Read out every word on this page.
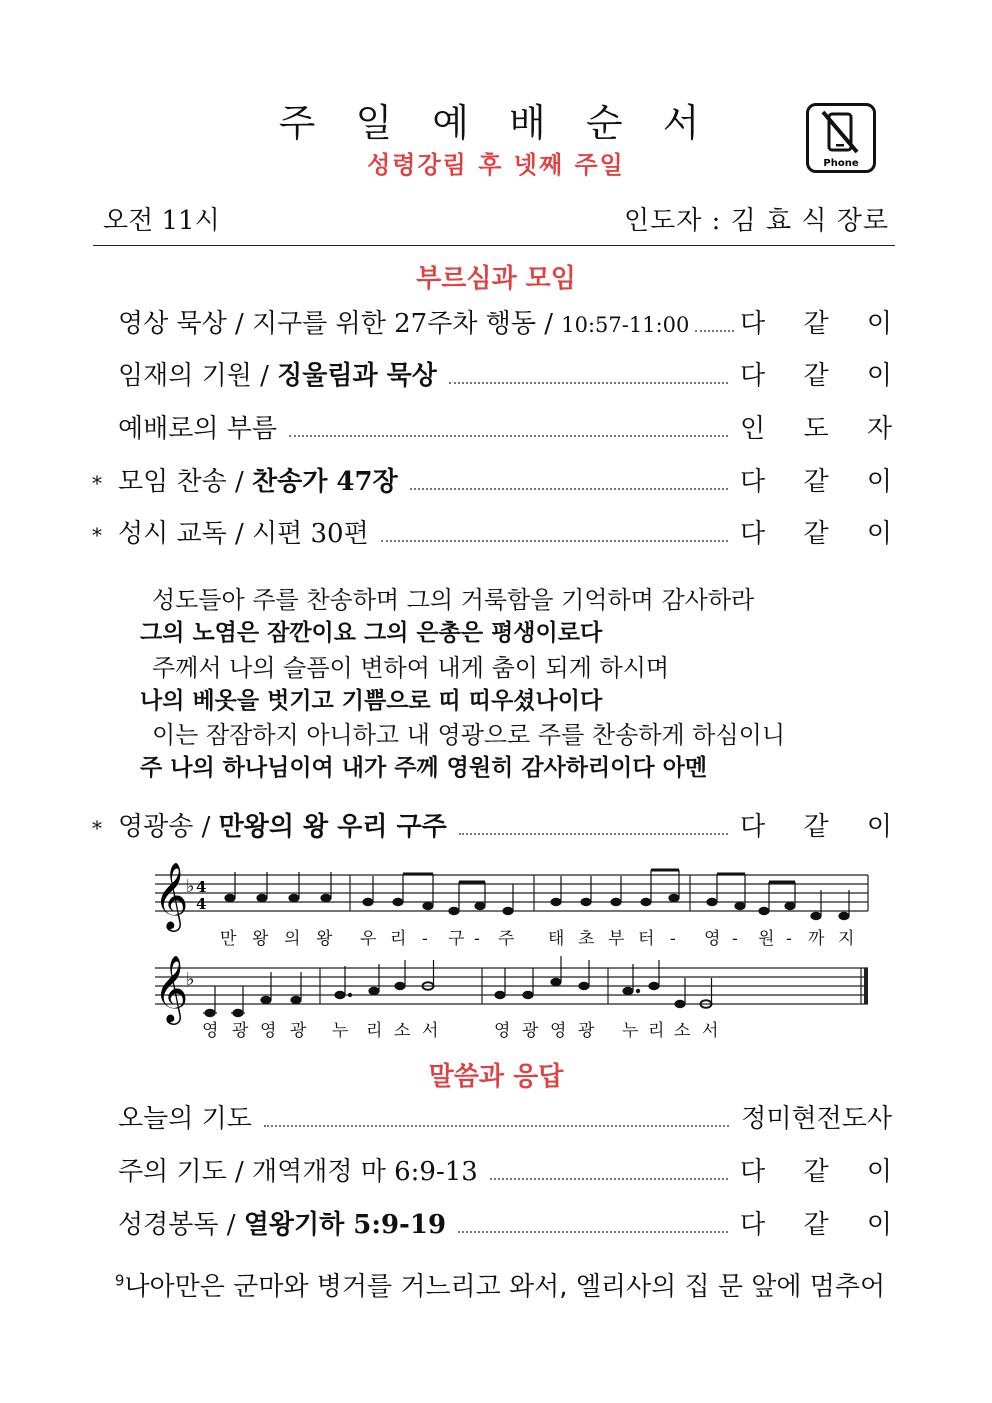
주 일 예 배 순 서
성령강림 후 넷째 주일	Phone
오전 11시	인도자 : 김 효 식 장로
부르심과 모임
영상 묵상 / 지구를 위한 27주차 행동 / 10:57-11:00 다 같 이
임재의 기원 / 징울림과 묵상	다 같 이
예배로의 부름	인 도 자
* 모임 찬송 / 찬송가 47장	다 같 이
* 성시 교독 / 시편 30편	다 같 이
성도들아 주를 찬송하며 그의 거룩함을 기억하며 감사하라
그의 노염은 잠깐이요 그의 은총은 평생이로다
주께서 나의 슬픔이 변하여 내게 춤이 되게 하시며
나의 베옷을 벗기고 기쁨으로 띠 띠우셨나이다
이는 잠잠하지 아니하고 내 영광으로 주를 찬송하게 하심이니
주 나의 하나님이여 내가 주께 영원히 감사하리이다 아멘
* 영광송 / 만왕의 왕 우리 구주	다 같 이
𝄞
♭ 4
4
만 왕 의 왕 우 리 - 구 - 주 태 초 부 터 - 영 - 원 - 까 지
𝄞
♭
영 광 영 광 누 리 소 서	영 광 영 광 누 리 소 서
말씀과 응답
오늘의 기도	정미현전도사
주의 기도 / 개역개정 마 6:9-13	다 같 이
성경봉독 / 열왕기하 5:9-19	다 같 이
$^9$나아만은 군마와 병거를 거느리고 와서, 엘리사의 집 문 앞에 멈추어
